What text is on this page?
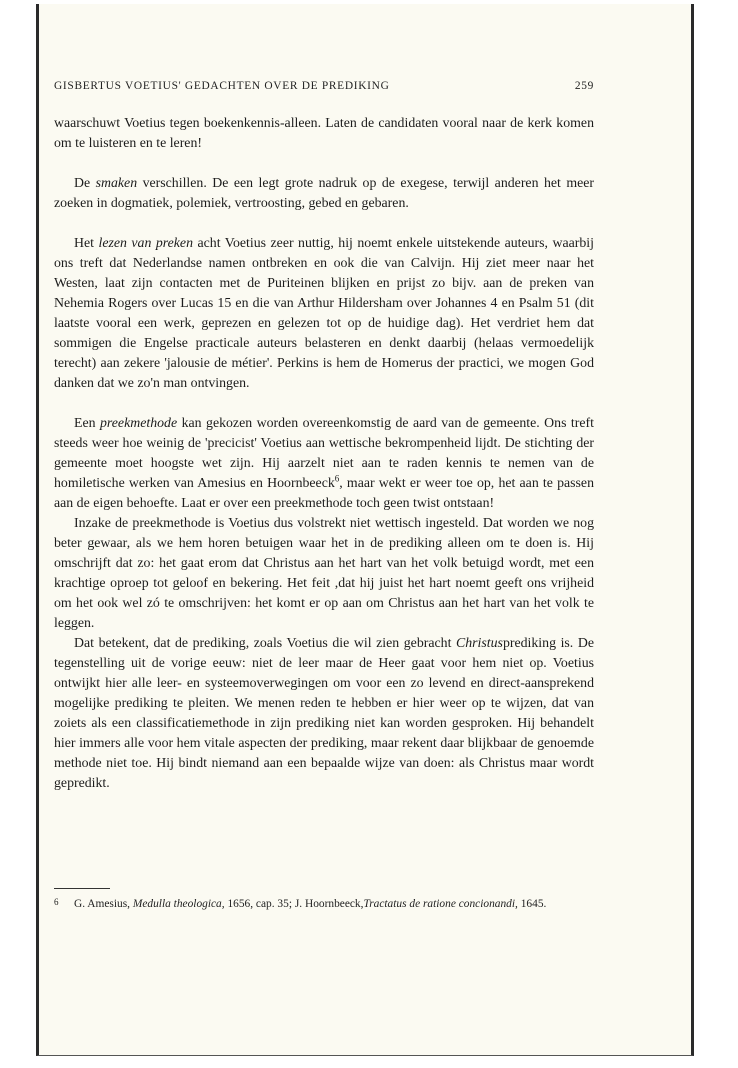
GISBERTUS VOETIUS' GEDACHTEN OVER DE PREDIKING	259

waarschuwt Voetius tegen boekenkennis-alleen. Laten de candidaten vooral naar de kerk komen om te luisteren en te leren!

De smaken verschillen. De een legt grote nadruk op de exegese, terwijl anderen het meer zoeken in dogmatiek, polemiek, vertroosting, gebed en gebaren.

Het lezen van preken acht Voetius zeer nuttig, hij noemt enkele uitstekende auteurs, waarbij ons treft dat Nederlandse namen ontbreken en ook die van Calvijn. Hij ziet meer naar het Westen, laat zijn contacten met de Puriteinen blijken en prijst zo bijv. aan de preken van Nehemia Rogers over Lucas 15 en die van Arthur Hildersham over Johannes 4 en Psalm 51 (dit laatste vooral een werk, geprezen en gelezen tot op de huidige dag). Het verdriet hem dat sommigen die Engelse practicale auteurs belasteren en denkt daarbij (helaas vermoedelijk terecht) aan zekere 'jalousie de métier'. Perkins is hem de Homerus der practici, we mogen God danken dat we zo'n man ontvingen.

Een preekmethode kan gekozen worden overeenkomstig de aard van de gemeente. Ons treft steeds weer hoe weinig de 'precicist' Voetius aan wettische bekrompenheid lijdt. De stichting der gemeente moet hoogste wet zijn. Hij aarzelt niet aan te raden kennis te nemen van de homiletische werken van Amesius en Hoornbeeck$^6$, maar wekt er weer toe op, het aan te passen aan de eigen behoefte. Laat er over een preekmethode toch geen twist ontstaan!

Inzake de preekmethode is Voetius dus volstrekt niet wettisch ingesteld. Dat worden we nog beter gewaar, als we hem horen betuigen waar het in de prediking alleen om te doen is. Hij omschrijft dat zo: het gaat erom dat Christus aan het hart van het volk betuigd wordt, met een krachtige oproep tot geloof en bekering. Het feit ,dat hij juist het hart noemt geeft ons vrijheid om het ook wel zó te omschrijven: het komt er op aan om Christus aan het hart van het volk te leggen.

Dat betekent, dat de prediking, zoals Voetius die wil zien gebracht Christusprediking is. De tegenstelling uit de vorige eeuw: niet de leer maar de Heer gaat voor hem niet op. Voetius ontwijkt hier alle leer- en systeemoverwegingen om voor een zo levend en direct-aansprekend mogelijke prediking te pleiten. We menen reden te hebben er hier weer op te wijzen, dat van zoiets als een classificatiemethode in zijn prediking niet kan worden gesproken. Hij behandelt hier immers alle voor hem vitale aspecten der prediking, maar rekent daar blijkbaar de genoemde methode niet toe. Hij bindt niemand aan een bepaalde wijze van doen: als Christus maar wordt gepredikt.

6 G. Amesius, Medulla theologica, 1656, cap. 35; J. Hoornbeeck,Tractatus de ratione concionandi, 1645.
